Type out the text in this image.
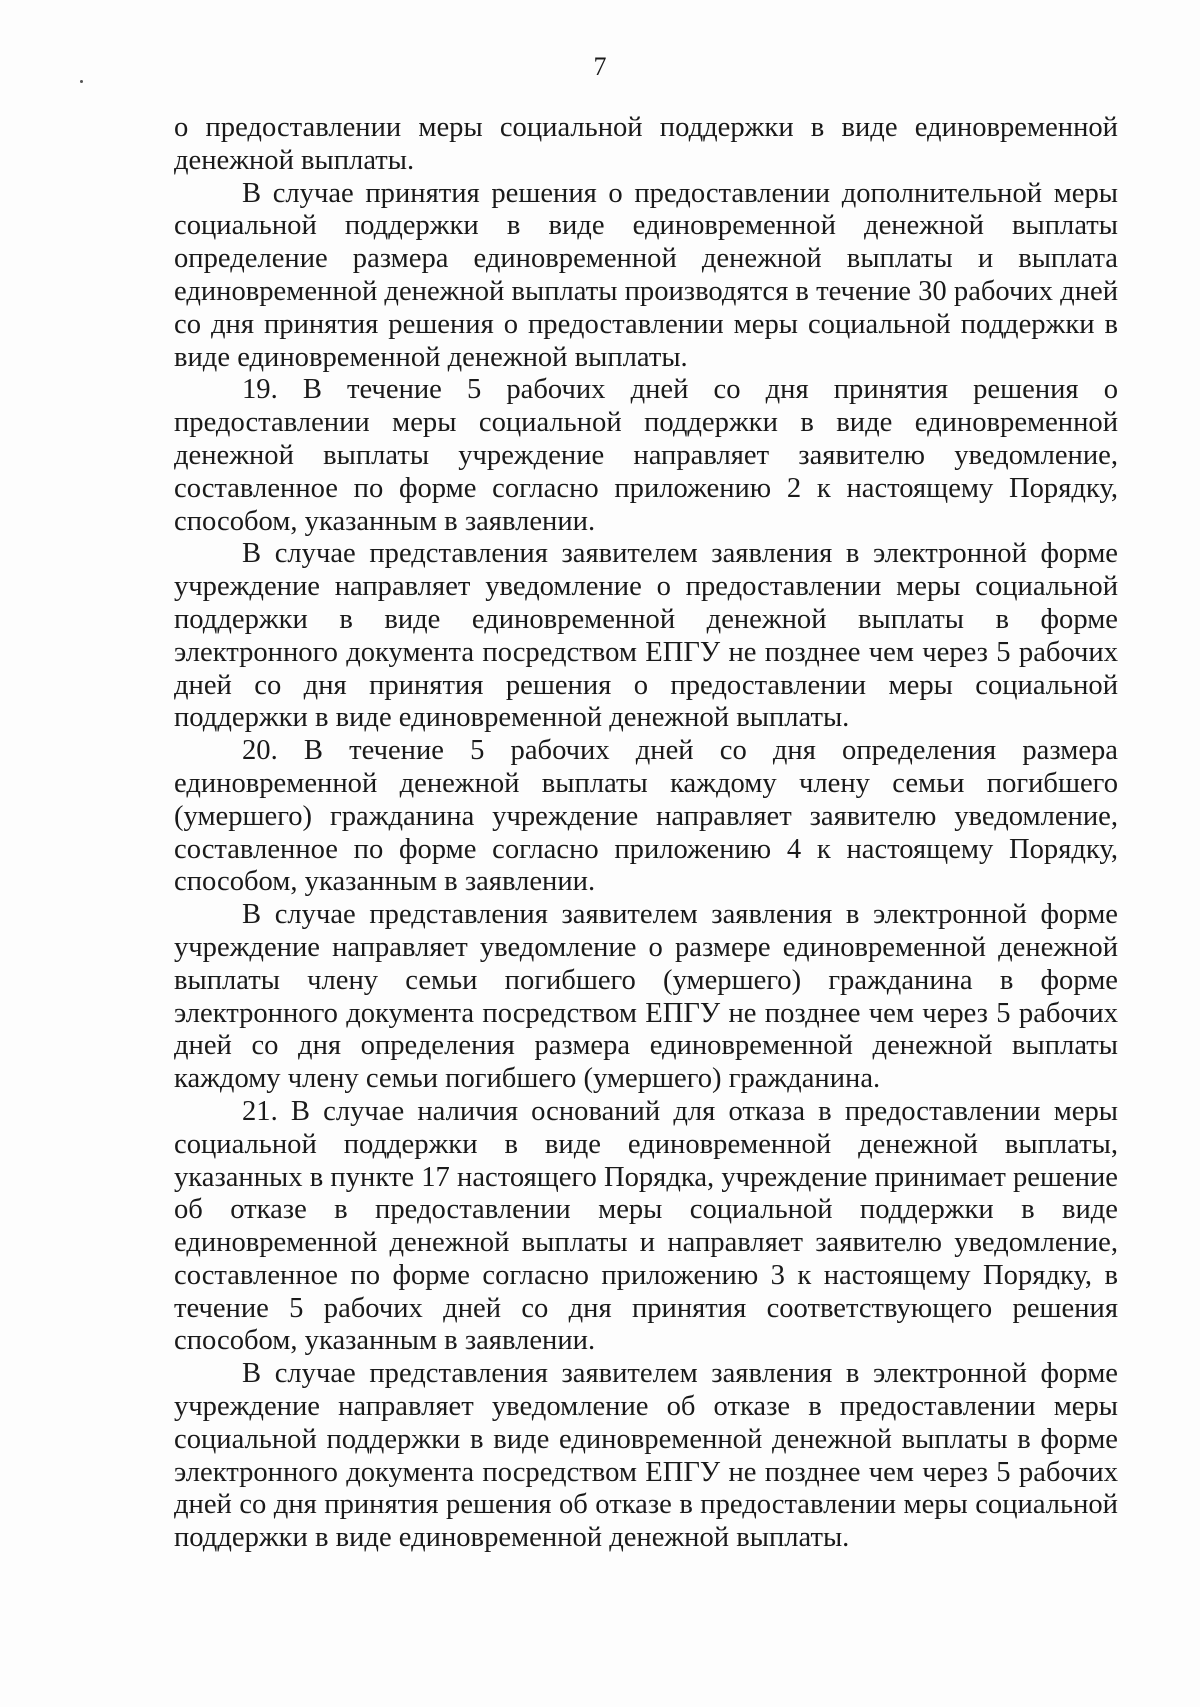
7

о предоставлении меры социальной поддержки в виде единовременной денежной выплаты.

В случае принятия решения о предоставлении дополнительной меры социальной поддержки в виде единовременной денежной выплаты определение размера единовременной денежной выплаты и выплата единовременной денежной выплаты производятся в течение 30 рабочих дней со дня принятия решения о предоставлении меры социальной поддержки в виде единовременной денежной выплаты.

19. В течение 5 рабочих дней со дня принятия решения о предоставлении меры социальной поддержки в виде единовременной денежной выплаты учреждение направляет заявителю уведомление, составленное по форме согласно приложению 2 к настоящему Порядку, способом, указанным в заявлении.

В случае представления заявителем заявления в электронной форме учреждение направляет уведомление о предоставлении меры социальной поддержки в виде единовременной денежной выплаты в форме электронного документа посредством ЕПГУ не позднее чем через 5 рабочих дней со дня принятия решения о предоставлении меры социальной поддержки в виде единовременной денежной выплаты.

20. В течение 5 рабочих дней со дня определения размера единовременной денежной выплаты каждому члену семьи погибшего (умершего) гражданина учреждение направляет заявителю уведомление, составленное по форме согласно приложению 4 к настоящему Порядку, способом, указанным в заявлении.

В случае представления заявителем заявления в электронной форме учреждение направляет уведомление о размере единовременной денежной выплаты члену семьи погибшего (умершего) гражданина в форме электронного документа посредством ЕПГУ не позднее чем через 5 рабочих дней со дня определения размера единовременной денежной выплаты каждому члену семьи погибшего (умершего) гражданина.

21. В случае наличия оснований для отказа в предоставлении меры социальной поддержки в виде единовременной денежной выплаты, указанных в пункте 17 настоящего Порядка, учреждение принимает решение об отказе в предоставлении меры социальной поддержки в виде единовременной денежной выплаты и направляет заявителю уведомление, составленное по форме согласно приложению 3 к настоящему Порядку, в течение 5 рабочих дней со дня принятия соответствующего решения способом, указанным в заявлении.

В случае представления заявителем заявления в электронной форме учреждение направляет уведомление об отказе в предоставлении меры социальной поддержки в виде единовременной денежной выплаты в форме электронного документа посредством ЕПГУ не позднее чем через 5 рабочих дней со дня принятия решения об отказе в предоставлении меры социальной поддержки в виде единовременной денежной выплаты.
